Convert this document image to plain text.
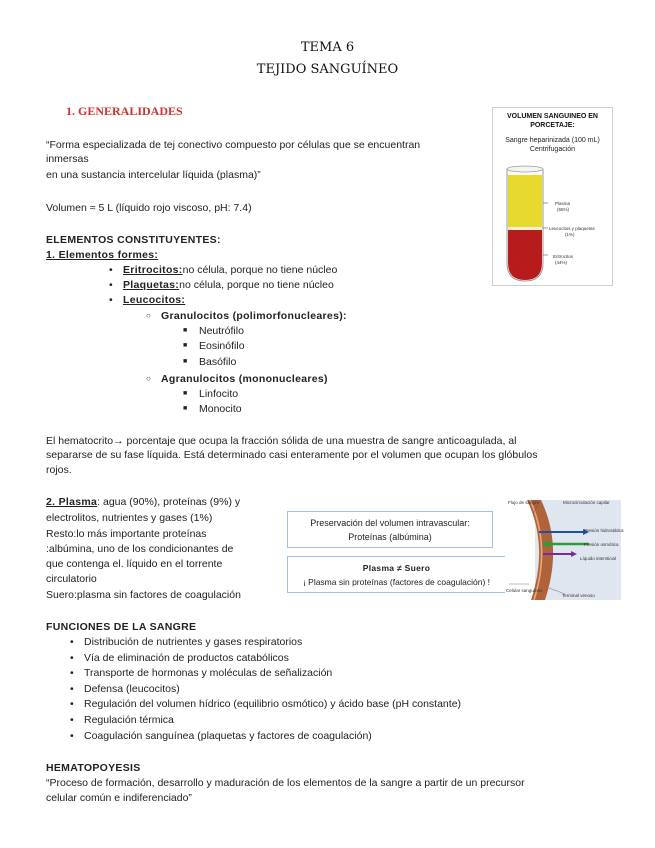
TEMA 6
TEJIDO SANGUÍNEO
1. GENERALIDADES
“Forma especializada de tej conectivo compuesto por células que se encuentran
inmersas
en una sustancia intercelular líquida (plasma)”
Volumen ≈ 5 L (líquido rojo viscoso, pH: 7.4)
VOLUMEN SANGUINEO EN
PORCETAJE:
Sangre heparinizada (100 mL)
Centrifugación
Plasma
(55%)
Leucocitos y plaquetas
(1%)
Eritrocitos
(44%)
ELEMENTOS CONSTITUYENTES:
1. Elementos formes:
• Eritrocitos:no célula, porque no tiene núcleo
• Plaquetas:no célula, porque no tiene núcleo
• Leucocitos:
○ Granulocitos (polimorfonucleares):
■ Neutrófilo
■ Eosinófilo
■ Basófilo
○ Agranulocitos (mononucleares)
■ Linfocito
■ Monocito
El hematocrito→ porcentaje que ocupa la fracción sólida de una muestra de sangre anticoagulada, al
separarse de su fase líquida. Está determinado casi enteramente por el volumen que ocupan los glóbulos
rojos.
2. Plasma: agua (90%), proteínas (9%) y
electrolitos, nutrientes y gases (1%)
Resto:lo más importante proteínas
:albúmina, uno de los condicionantes de
que contenga el. líquido en el torrente
circulatorio
Suero:plasma sin factores de coagulación
Preservación del volumen intravascular:
Proteínas (albúmina)
Plasma ≠ Suero
¡ Plasma sin proteínas (factores de coagulación) !
Flujo de sangre	Microcirculación capilar
Presión hidrostática
Presión osmótica
Líquido intersticial
Celular sanguíneo
Terminal venoso
FUNCIONES DE LA SANGRE
• Distribución de nutrientes y gases respiratorios
• Vía de eliminación de productos catabólicos
• Transporte de hormonas y moléculas de señalización
• Defensa (leucocitos)
• Regulación del volumen hídrico (equilibrio osmótico) y ácido base (pH constante)
• Regulación térmica
• Coagulación sanguínea (plaquetas y factores de coagulación)
HEMATOPOYESIS
“Proceso de formación, desarrollo y maduración de los elementos de la sangre a partir de un precursor
celular común e indiferenciado”
